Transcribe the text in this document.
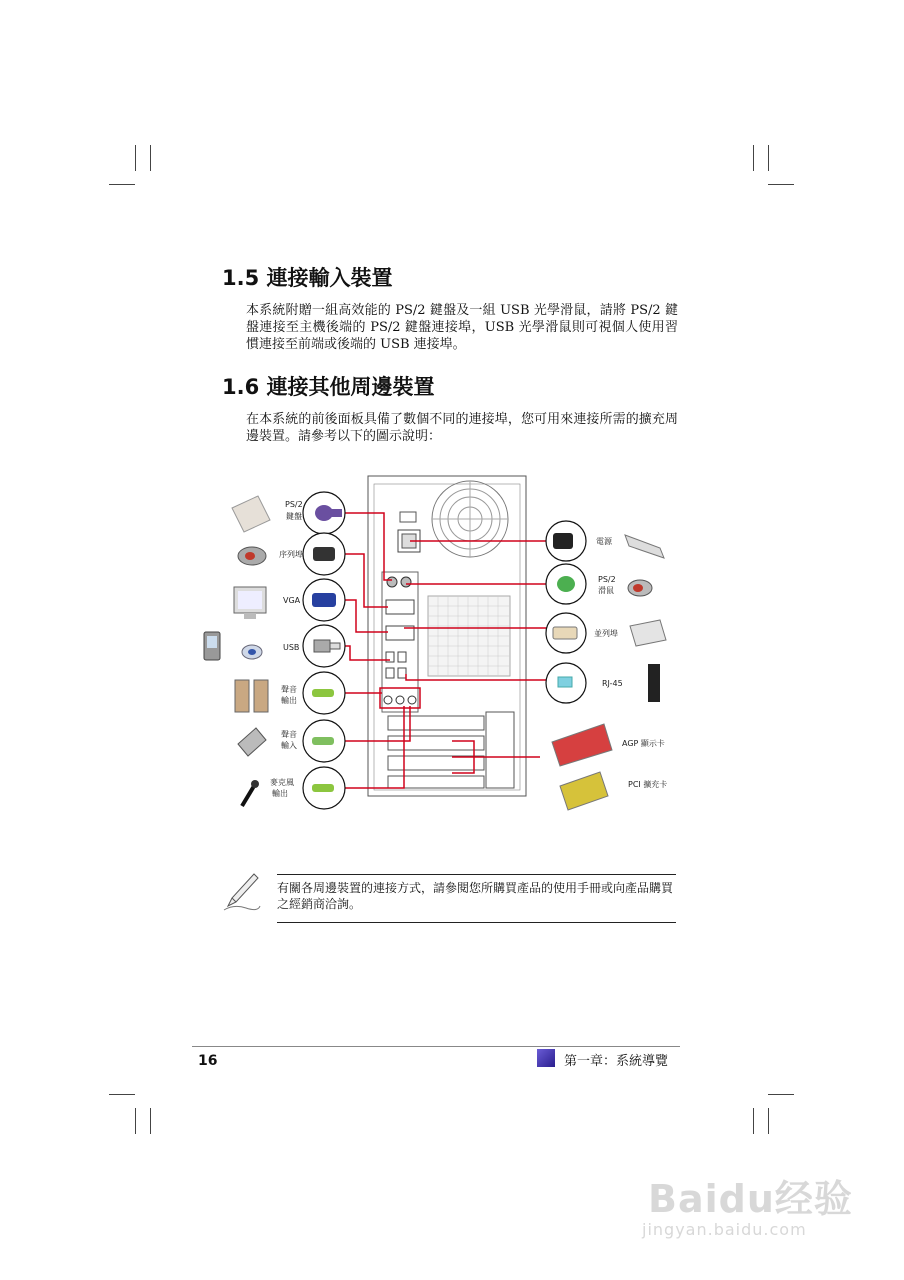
1.5 連接輸入裝置

本系統附贈一組高效能的 PS/2 鍵盤及一組 USB 光學滑鼠，請將 PS/2 鍵盤連接至主機後端的 PS/2 鍵盤連接埠，USB 光學滑鼠則可視個人使用習慣連接至前端或後端的 USB 連接埠。

1.6 連接其他周邊裝置

在本系統的前後面板具備了數個不同的連接埠，您可用來連接所需的擴充周邊裝置。請參考以下的圖示說明：

PS/2
鍵盤
序列埠
VGA
USB
聲音
輸出
聲音
輸入
麥克風
輸出
電源
PS/2
滑鼠
並列埠
RJ-45
AGP 顯示卡
PCI 擴充卡

有關各周邊裝置的連接方式，請參閱您所購買產品的使用手冊或向產品購買之經銷商洽詢。

16	第一章：系統導覽
Baidu经验
jingyan.baidu.com
